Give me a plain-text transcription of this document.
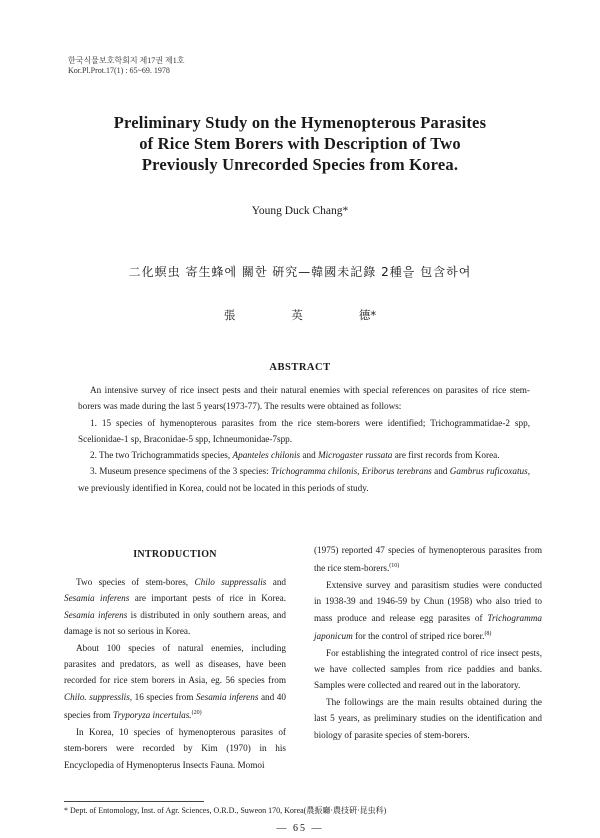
한국식물보호학회지 제17권 제1호
Kor.Pl.Prot.17(1) : 65~69. 1978
Preliminary Study on the Hymenopterous Parasites
of Rice Stem Borers with Description of Two
Previously Unrecorded Species from Korea.
Young Duck Chang*
二化螟虫 寄生蜂에 關한 硏究—韓國未記錄 2種을 包含하여
張	英	德*
ABSTRACT

An intensive survey of rice insect pests and their natural enemies with special references on parasites of rice stem-borers was made during the last 5 years(1973-77). The results were obtained as follows:

1. 15 species of hymenopterous parasites from the rice stem-borers were identified; Trichogrammatidae-2 spp, Scelionidae-1 sp, Braconidae-5 spp, Ichneumonidae-7spp.

2. The two Trichogrammatids species, Apanteles chilonis and Microgaster russata are first records from Korea.

3. Museum presence specimens of the 3 species: Trichogramma chilonis, Eriborus terebrans and Gambrus ruficoxatus, we previously identified in Korea, could not be located in this periods of study.

INTRODUCTION

Two species of stem-bores, Chilo suppressalis and Sesamia inferens are important pests of rice in Korea. Sesamia inferens is distributed in only southern areas, and damage is not so serious in Korea.

About 100 species of natural enemies, including parasites and predators, as well as diseases, have been recorded for rice stem borers in Asia, eg. 56 species from Chilo. suppresslis, 16 species from Sesamia inferens and 40 species from Tryporyza incertulas.$^{(20)}$

In Korea, 10 species of hymenopterous parasites of stem-borers were recorded by Kim (1970) in his Encyclopedia of Hymenopterus Insects Fauna. Momoi

(1975) reported 47 species of hymenopterous parasites from the rice stem-borers.$^{(10)}$

Extensive survey and parasitism studies were conducted in 1938-39 and 1946-59 by Chun (1958) who also tried to mass produce and release egg parasites of Trichogramma japonicum for the control of striped rice borer.$^{(8)}$

For establishing the integrated control of rice insect pests, we have collected samples from rice paddies and banks. Samples were collected and reared out in the laboratory.

The followings are the main results obtained during the last 5 years, as preliminary studies on the identification and biology of parasite species of stem-borers.

* Dept. of Entomology, Inst. of Agr. Sciences, O.R.D., Suweon 170, Korea(農振廳·農技硏·昆虫科)
— 65 —
